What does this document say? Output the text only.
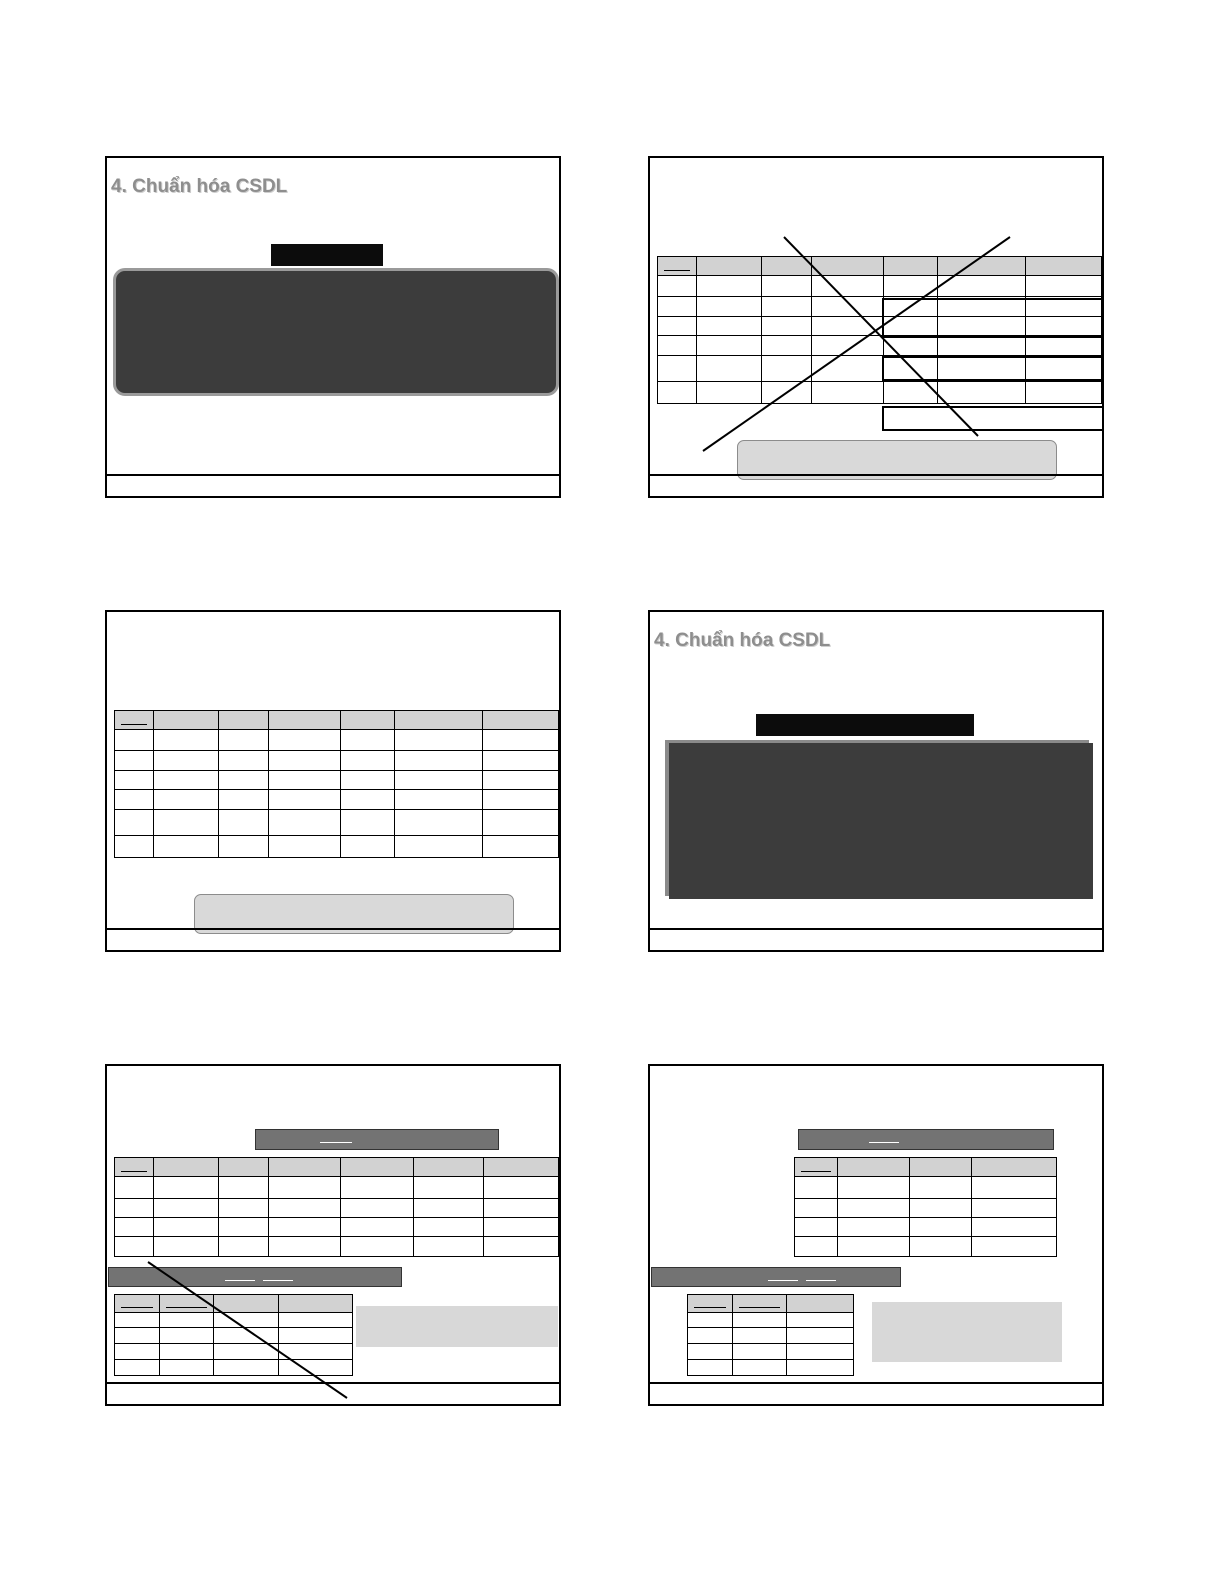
4. Chuẩn hóa CSDL

4. Chuẩn hóa CSDL
